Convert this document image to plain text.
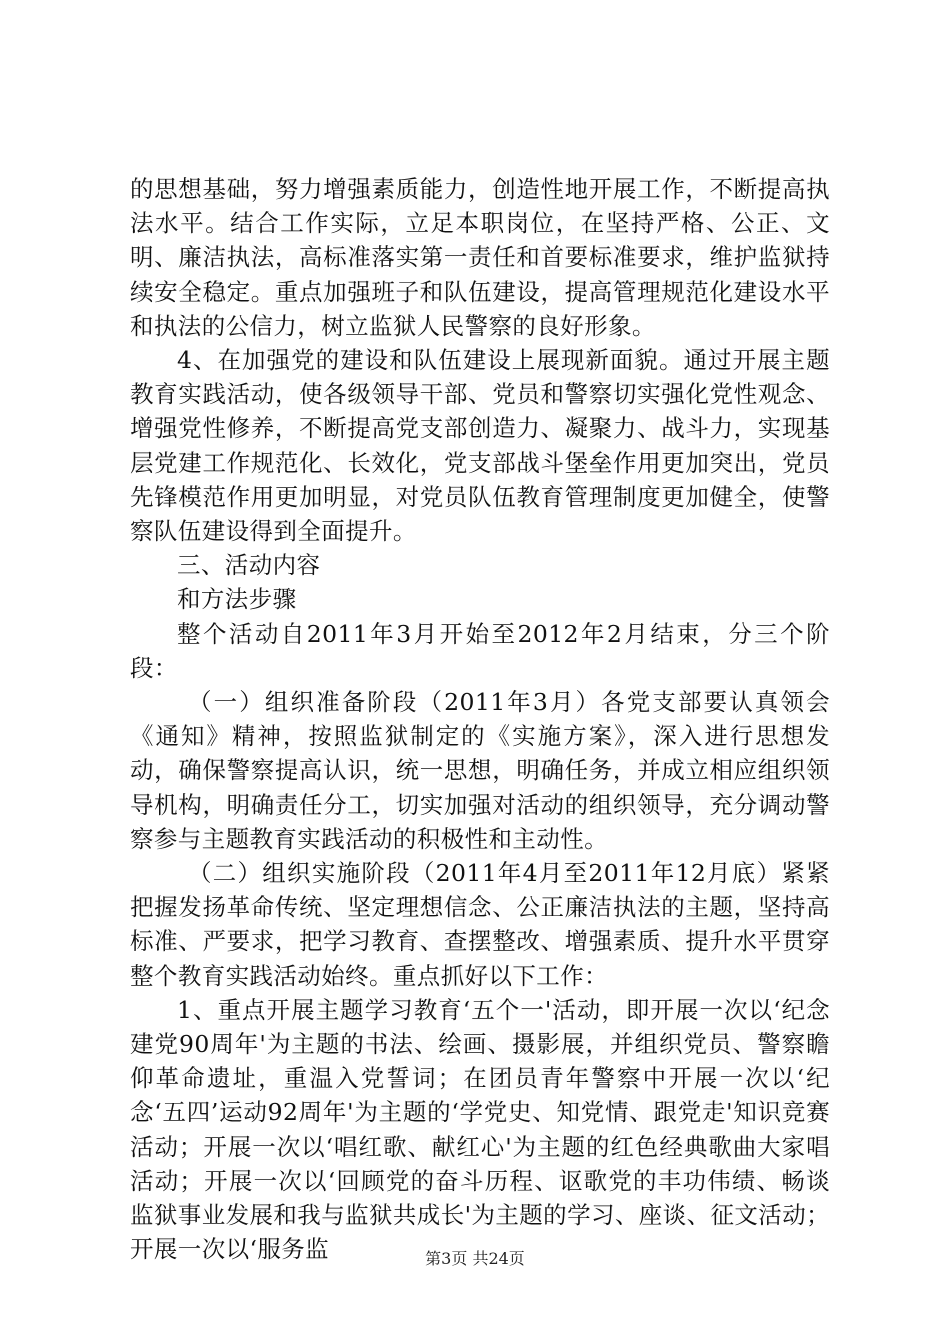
的思想基础，努力增强素质能力，创造性地开展工作，不断提高执法水平。结合工作实际，立足本职岗位，在坚持严格、公正、文明、廉洁执法，高标准落实第一责任和首要标准要求，维护监狱持续安全稳定。重点加强班子和队伍建设，提高管理规范化建设水平和执法的公信力，树立监狱人民警察的良好形象。

4、在加强党的建设和队伍建设上展现新面貌。通过开展主题教育实践活动，使各级领导干部、党员和警察切实强化党性观念、增强党性修养，不断提高党支部创造力、凝聚力、战斗力，实现基层党建工作规范化、长效化，党支部战斗堡垒作用更加突出，党员先锋模范作用更加明显，对党员队伍教育管理制度更加健全，使警察队伍建设得到全面提升。

三、活动内容

和方法步骤

整个活动自2011年3月开始至2012年2月结束，分三个阶段：

（一）组织准备阶段（2011年3月）各党支部要认真领会《通知》精神，按照监狱制定的《实施方案》，深入进行思想发动，确保警察提高认识，统一思想，明确任务，并成立相应组织领导机构，明确责任分工，切实加强对活动的组织领导，充分调动警察参与主题教育实践活动的积极性和主动性。

（二）组织实施阶段（2011年4月至2011年12月底）紧紧把握发扬革命传统、坚定理想信念、公正廉洁执法的主题，坚持高标准、严要求，把学习教育、查摆整改、增强素质、提升水平贯穿整个教育实践活动始终。重点抓好以下工作：

1、重点开展主题学习教育‘五个一'活动，即开展一次以‘纪念建党90周年'为主题的书法、绘画、摄影展，并组织党员、警察瞻仰革命遗址，重温入党誓词；在团员青年警察中开展一次以‘纪念‘五四’运动92周年'为主题的‘学党史、知党情、跟党走'知识竞赛活动；开展一次以‘唱红歌、献红心'为主题的红色经典歌曲大家唱活动；开展一次以‘回顾党的奋斗历程、讴歌党的丰功伟绩、畅谈监狱事业发展和我与监狱共成长'为主题的学习、座谈、征文活动；开展一次以‘服务监	第3页 共24页
